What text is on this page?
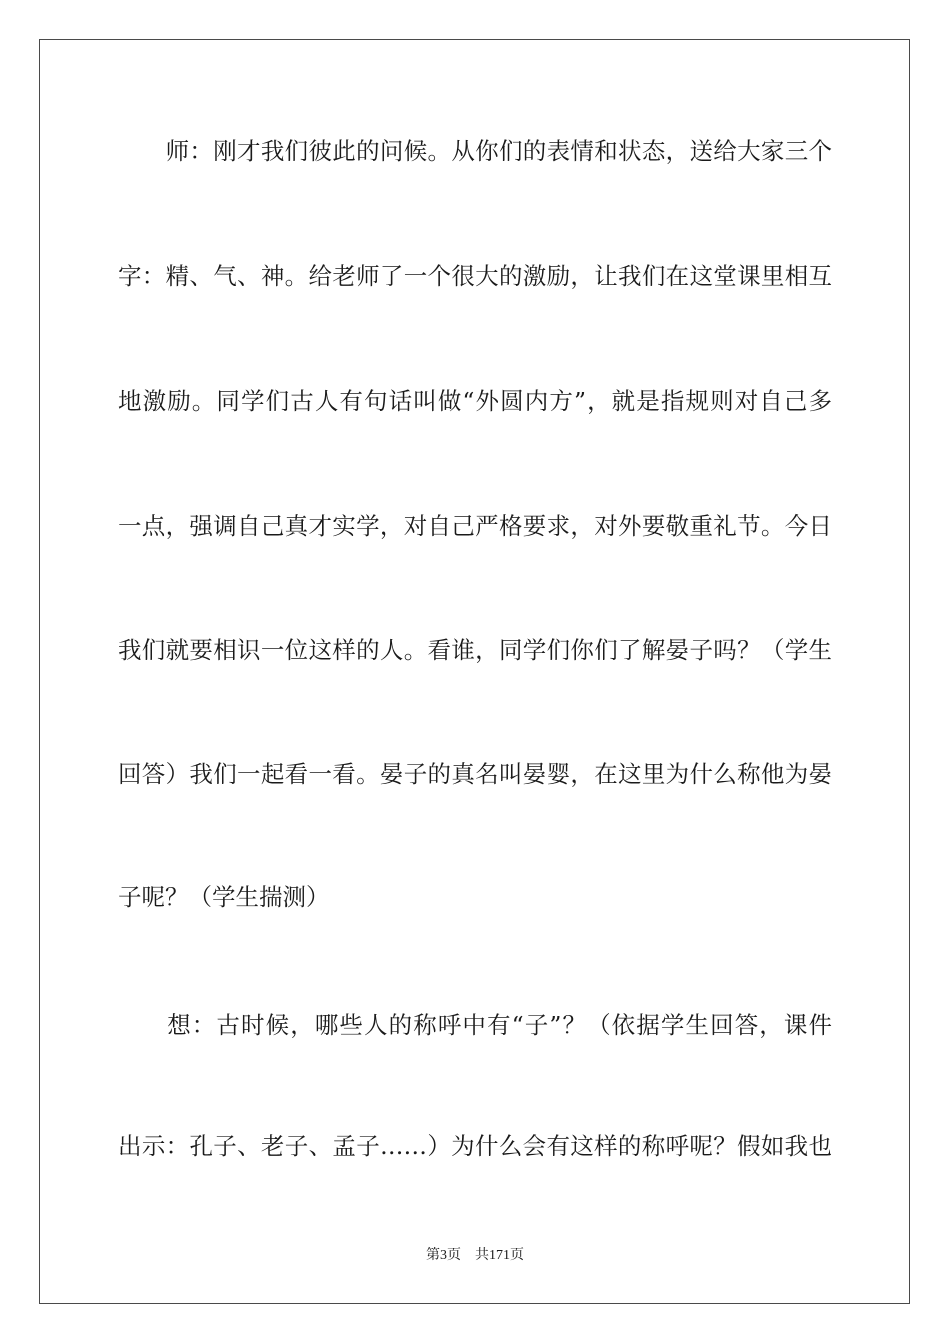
　　师：刚才我们彼此的问候。从你们的表情和状态，送给大家三个
字：精、气、神。给老师了一个很大的激励，让我们在这堂课里相互
地激励。同学们古人有句话叫做“外圆内方”，就是指规则对自己多
一点，强调自己真才实学，对自己严格要求，对外要敬重礼节。今日
我们就要相识一位这样的人。看谁，同学们你们了解晏子吗？（学生
回答）我们一起看一看。晏子的真名叫晏婴，在这里为什么称他为晏
子呢？（学生揣测）
　　想：古时候，哪些人的称呼中有“子”？（依据学生回答，课件
出示：孔子、老子、孟子……）为什么会有这样的称呼呢？假如我也
第3页 共171页
